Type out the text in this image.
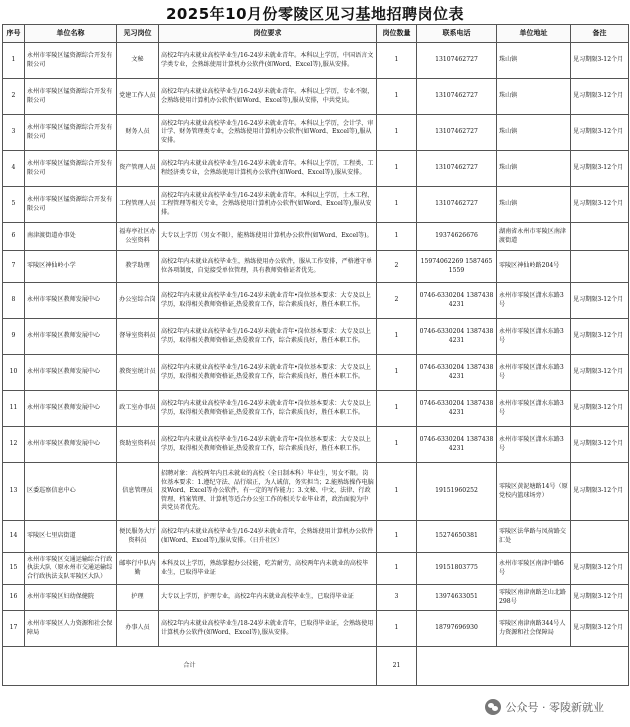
2025年10月份零陵区见习基地招聘岗位表
序号	单位名称	见习岗位	岗位要求	岗位数量	联系电话	单位地址	备注
1	永州市零陵区锰资源综合开发有限公司	文秘	高校2年内未就业高校毕业生/16-24岁未就业青年。本科以上学历，中国语言文学类专业，会熟练使用计算机办公软件(如Word、Excel等),服从安排。	1	13107462727	珠山镇	见习期限3-12个月
2	永州市零陵区锰资源综合开发有限公司	党建工作人员	高校2年内未就业高校毕业生/16-24岁未就业青年。本科以上学历，专业不限，会熟练使用计算机办公软件(如Word、Excel等),服从安排，中共党员。	1	13107462727	珠山镇	见习期限3-12个月
3	永州市零陵区锰资源综合开发有限公司	财务人员	高校2年内未就业高校毕业生/16-24岁未就业青年。本科以上学历，会计学、审计学、财务管理类专业，会熟练使用计算机办公软件(如Word、Excel等),服从安排。	1	13107462727	珠山镇	见习期限3-12个月
4	永州市零陵区锰资源综合开发有限公司	资产管理人员	高校2年内未就业高校毕业生/16-24岁未就业青年。本科以上学历，工程类、工程经济类专业，会熟练使用计算机办公软件(如Word、Excel等),服从安排。	1	13107462727	珠山镇	见习期限3-12个月
5	永州市零陵区锰资源综合开发有限公司	工程管理人员	高校2年内未就业高校毕业生/16-24岁未就业青年。本科以上学历，土木工程、工程管理等相关专业，会熟练使用计算机办公软件(如Word、Excel等),服从安排。	1	13107462727	珠山镇	见习期限3-12个月
6	南津渡街道办事处	福寿亭社区办公室资料	大专以上学历（男女不限），能熟练使用计算机办公软件(如Word、Excel等)。	1	19374626676	湖南省永州市零陵区南津渡街道	
7	零陵区神仙岭小学	教学助理	高校2年内未就业高校毕业生，熟练使用办公软件，服从工作安排，严格遵守单位各项制度，自觉接受单位管理，具有教师资格证者优先。	2	15974062269 15874651559	零陵区神仙岭路204号	
8	永州市零陵区教师发展中心	办公室综合岗	高校2年内未就业高校毕业生/16-24岁未就业青年•岗位基本要求：大专及以上学历，取得相关教师资格证,热爱教育工作，综合素质良好，胜任本职工作。	2	0746-6330204 13874384231	永州市零陵区潇水东路3号	见习期限3-12个月
9	永州市零陵区教师发展中心	督导室资料员	高校2年内未就业高校毕业生/16-24岁未就业青年•岗位基本要求：大专及以上学历，取得相关教师资格证,热爱教育工作，综合素质良好，胜任本职工作。	1	0746-6330204 13874384231	永州市零陵区潇水东路3号	见习期限3-12个月
10	永州市零陵区教师发展中心	教资室统计员	高校2年内未就业高校毕业生/16-24岁未就业青年•岗位基本要求：大专及以上学历，取得相关教师资格证,热爱教育工作，综合素质良好，胜任本职工作。	1	0746-6330204 13874384231	永州市零陵区潇水东路3号	见习期限3-12个月
11	永州市零陵区教师发展中心	政工室办事员	高校2年内未就业高校毕业生/16-24岁未就业青年•岗位基本要求：大专及以上学历，取得相关教师资格证,热爱教育工作，综合素质良好，胜任本职工作。	1	0746-6330204 13874384231	永州市零陵区潇水东路3号	见习期限3-12个月
12	永州市零陵区教师发展中心	资助室资料员	高校2年内未就业高校毕业生/16-24岁未就业青年•岗位基本要求：大专及以上学历，取得相关教师资格证,热爱教育工作，综合素质良好，胜任本职工作。	1	0746-6330204 13874384231	永州市零陵区潇水东路3号	见习期限3-12个月
13	区委巡察信息中心	信息管理员	招聘对象：高校两年内且未就业的高校（全日制本科）毕业生，男女不限。岗位基本要求：1.遵纪守法、品行端正，为人诚信，务实担当；2.能熟练操作电脑及Word、Excel等办公软件，有一定的写作能力；3.文秘、中文、法律、行政管理、档案管理、计算机等适合办公室工作的相关专业毕业者，政治面貌为中共党员者优先。	1	19151960252	零陵区黄泥塘路14号（原党校内篮球场旁）	见习期限3-12个月
14	零陵区七里店街道	便民服务大厅资料员	高校2年内未就业高校毕业生/16-24岁未就业青年，会熟练使用计算机办公软件(如Word、Excel等),服从安排。（日升社区）	1	15274650381	零陵区法华路与凤荷路交汇处	
15	永州市零陵区交通运输综合行政执法大队（原永州市交通运输综合行政执法支队零陵区大队）	邮寧行中队内勤	本科及以上学历，熟练掌握办公技能，吃苦耐劳，高校两年内未就业的高校毕业生，已取得毕业证	1	19151803775	永州市零陵区南津中路6号	见习期限3-12个月
16	永州市零陵区妇幼保健院	护理	大专以上学历，护理专业，高校2年内未就业高校毕业生，已取得毕业证	3	13974633051	零陵区南津南路芝山北路298号	见习期限3-12个月
17	永州市零陵区人力资源和社会保障局	办事人员	高校2年内未就业高校毕业生/18-24岁未就业青年，已取得毕业证，会熟练使用计算机办公软件(如Word、Excel等),服从安排。	1	18797696930	零陵区南津南路344号人力资源和社会保障局	见习期限3-12个月
合计				21			
公众号 · 零陵新就业
